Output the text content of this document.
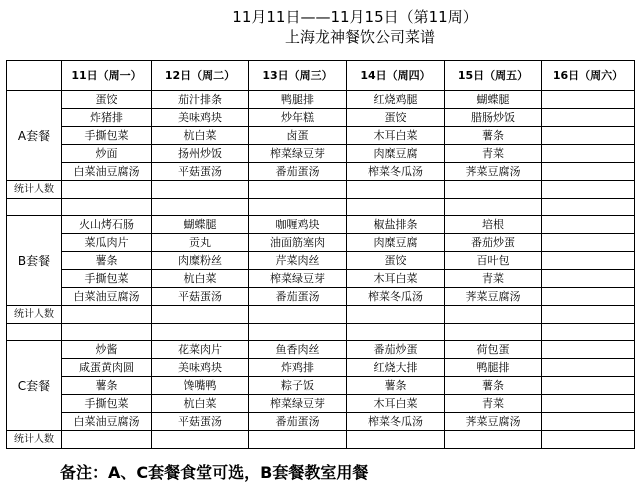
11月11日——11月15日（第11周）
上海龙神餐饮公司菜谱
	11日（周一）	12日（周二）	13日（周三）	14日（周四）	15日（周五）	16日（周六）
A套餐	蛋饺	茄汁排条	鸭腿排	红烧鸡腿	蝴蝶腿	
	炸猪排	美味鸡块	炒年糕	蛋饺	腊肠炒饭	
	手撕包菜	杭白菜	卤蛋	木耳白菜	薯条	
	炒面	扬州炒饭	榨菜绿豆芽	肉糜豆腐	青菜	
	白菜油豆腐汤	平菇蛋汤	番茄蛋汤	榨菜冬瓜汤	荠菜豆腐汤	
统计人数						

B套餐	火山烤石肠	蝴蝶腿	咖喱鸡块	椒盐排条	培根	
	菜瓜肉片	贡丸	油面筋塞肉	肉糜豆腐	番茄炒蛋	
	薯条	肉糜粉丝	芹菜肉丝	蛋饺	百叶包	
	手撕包菜	杭白菜	榨菜绿豆芽	木耳白菜	青菜	
	白菜油豆腐汤	平菇蛋汤	番茄蛋汤	榨菜冬瓜汤	荠菜豆腐汤	
统计人数						

C套餐	炒酱	花菜肉片	鱼香肉丝	番茄炒蛋	荷包蛋	
	咸蛋黄肉圆	美味鸡块	炸鸡排	红烧大排	鸭腿排	
	薯条	馋嘴鸭	粽子饭	薯条	薯条	
	手撕包菜	杭白菜	榨菜绿豆芽	木耳白菜	青菜	
	白菜油豆腐汤	平菇蛋汤	番茄蛋汤	榨菜冬瓜汤	荠菜豆腐汤	
统计人数						
备注：A、C套餐食堂可选，B套餐教室用餐
